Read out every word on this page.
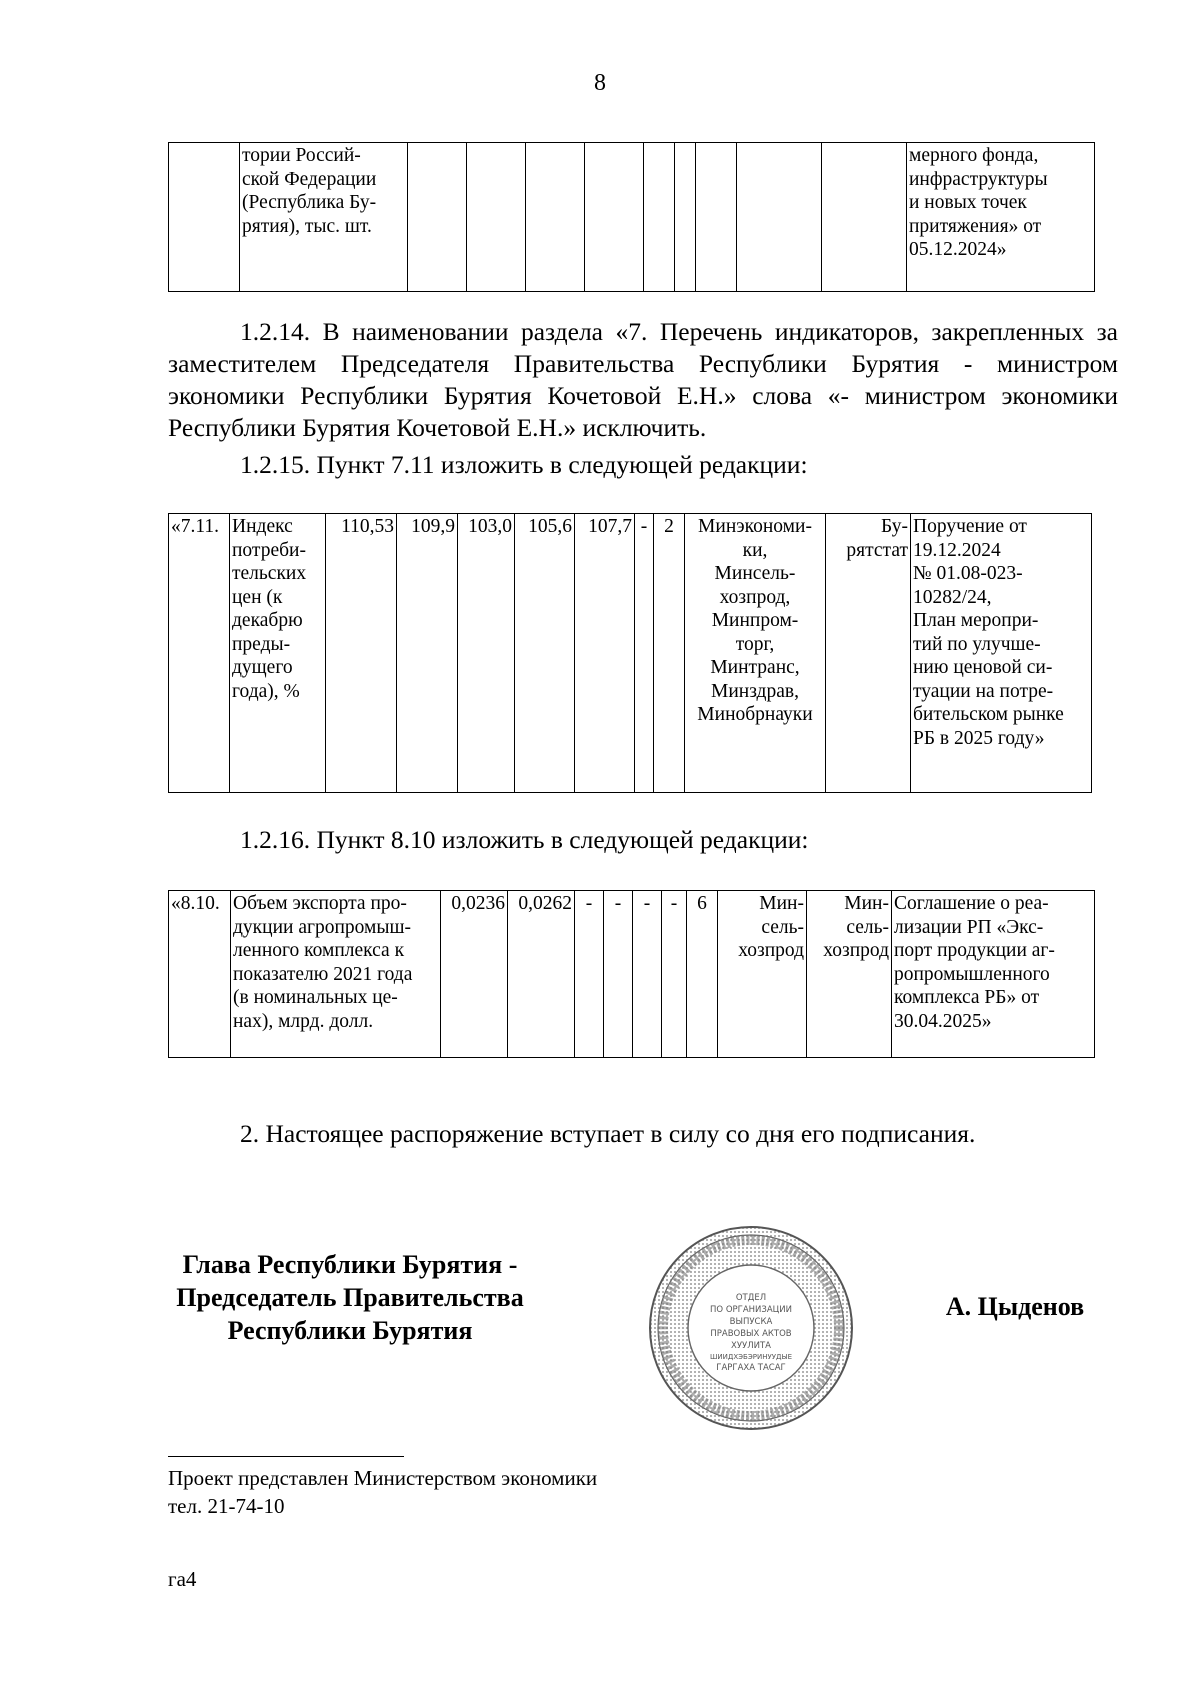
8
	тории Россий-
ской Федерации
(Республика Бу-
рятия), тыс. шт.										мерного фонда,
инфраструктуры
и новых точек
притяжения» от
05.12.2024»
1.2.14. В наименовании раздела «7. Перечень индикаторов, закрепленных за заместителем Председателя Правительства Республики Бурятия - министром экономики Республики Бурятия Кочетовой Е.Н.» слова «- министром экономики Республики Бурятия Кочетовой Е.Н.» исключить.
1.2.15. Пункт 7.11 изложить в следующей редакции:
«7.11.	Индекс
потреби-
тельских
цен (к
декабрю
преды-
дущего
года), %	110,53	109,9	103,0	105,6	107,7	-	2	Минэкономи-
ки,
Минсель-
хозпрод,
Минпром-
торг,
Минтранс,
Минздрав,
Минобрнауки	Бу-
рятстат	Поручение от
19.12.2024
№ 01.08-023-
10282/24,
План меропри-
тий по улучше-
нию ценовой си-
туации на потре-
бительском рынке
РБ в 2025 году»
1.2.16. Пункт 8.10 изложить в следующей редакции:
«8.10.	Объем экспорта про-
дукции агропромыш-
ленного комплекса к
показателю 2021 года
(в номинальных це-
нах), млрд. долл.	0,0236	0,0262	-	-	-	-	6	Мин-
сель-
хозпрод	Мин-
сель-
хозпрод	Соглашение о реа-
лизации РП «Экс-
порт продукции аг-
ропромышленного
комплекса РБ» от
30.04.2025»
2. Настоящее распоряжение вступает в силу со дня его подписания.
Глава Республики Бурятия -
Председатель Правительства
Республики Бурятия
ОТДЕЛ
ПО ОРГАНИЗАЦИИ
ВЫПУСКА
ПРАВОВЫХ АКТОВ
ХУУЛИТА
ШИИДХЭБЭРИНУУДЫЕ
ГАРГАХА ТАСАГ
А. Цыденов
Проект представлен Министерством экономики
тел. 21-74-10
га4
